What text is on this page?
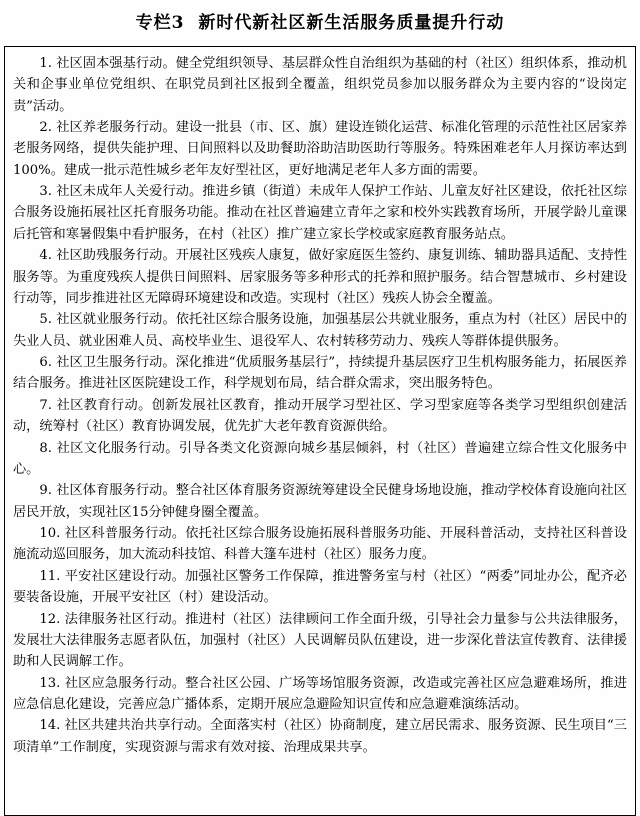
专栏3 新时代新社区新生活服务质量提升行动

1. 社区固本强基行动。健全党组织领导、基层群众性自治组织为基础的村（社区）组织体系，推动机关和企事业单位党组织、在职党员到社区报到全覆盖，组织党员参加以服务群众为主要内容的“设岗定责”活动。

2. 社区养老服务行动。建设一批县（市、区、旗）建设连锁化运营、标准化管理的示范性社区居家养老服务网络，提供失能护理、日间照料以及助餐助浴助洁助医助行等服务。特殊困难老年人月探访率达到100%。建成一批示范性城乡老年友好型社区，更好地满足老年人多方面的需要。

3. 社区未成年人关爱行动。推进乡镇（街道）未成年人保护工作站、儿童友好社区建设，依托社区综合服务设施拓展社区托育服务功能。推动在社区普遍建立青年之家和校外实践教育场所，开展学龄儿童课后托管和寒暑假集中看护服务，在村（社区）推广建立家长学校或家庭教育服务站点。

4. 社区助残服务行动。开展社区残疾人康复，做好家庭医生签约、康复训练、辅助器具适配、支持性服务等。为重度残疾人提供日间照料、居家服务等多种形式的托养和照护服务。结合智慧城市、乡村建设行动等，同步推进社区无障碍环境建设和改造。实现村（社区）残疾人协会全覆盖。

5. 社区就业服务行动。依托社区综合服务设施，加强基层公共就业服务，重点为村（社区）居民中的失业人员、就业困难人员、高校毕业生、退役军人、农村转移劳动力、残疾人等群体提供服务。

6. 社区卫生服务行动。深化推进“优质服务基层行”，持续提升基层医疗卫生机构服务能力，拓展医养结合服务。推进社区医院建设工作，科学规划布局，结合群众需求，突出服务特色。

7. 社区教育行动。创新发展社区教育，推动开展学习型社区、学习型家庭等各类学习型组织创建活动，统筹村（社区）教育协调发展，优先扩大老年教育资源供给。

8. 社区文化服务行动。引导各类文化资源向城乡基层倾斜，村（社区）普遍建立综合性文化服务中心。

9. 社区体育服务行动。整合社区体育服务资源统筹建设全民健身场地设施，推动学校体育设施向社区居民开放，实现社区15分钟健身圈全覆盖。

10. 社区科普服务行动。依托社区综合服务设施拓展科普服务功能、开展科普活动，支持社区科普设施流动巡回服务，加大流动科技馆、科普大篷车进村（社区）服务力度。

11. 平安社区建设行动。加强社区警务工作保障，推进警务室与村（社区）“两委”同址办公，配齐必要装备设施，开展平安社区（村）建设活动。

12. 法律服务社区行动。推进村（社区）法律顾问工作全面升级，引导社会力量参与公共法律服务，发展壮大法律服务志愿者队伍，加强村（社区）人民调解员队伍建设，进一步深化普法宣传教育、法律援助和人民调解工作。

13. 社区应急服务行动。整合社区公园、广场等场馆服务资源，改造或完善社区应急避难场所，推进应急信息化建设，完善应急广播体系，定期开展应急避险知识宣传和应急避难演练活动。

14. 社区共建共治共享行动。全面落实村（社区）协商制度，建立居民需求、服务资源、民生项目“三项清单”工作制度，实现资源与需求有效对接、治理成果共享。
